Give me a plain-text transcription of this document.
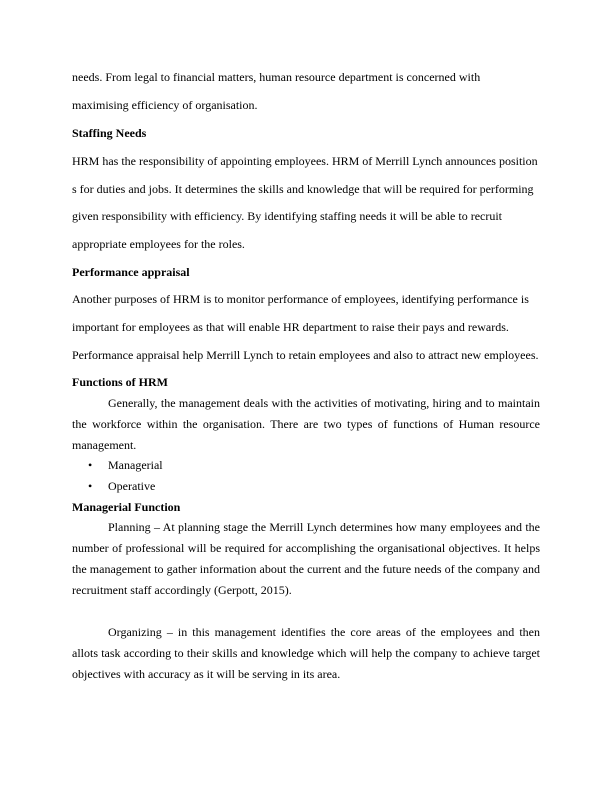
needs. From legal to financial matters, human resource department is concerned with
maximising efficiency of organisation.
Staffing Needs
HRM has the responsibility of appointing employees. HRM of Merrill Lynch announces position
s for duties and jobs. It determines the skills and knowledge that will be required for performing
given responsibility with efficiency. By identifying staffing needs it will be able to recruit
appropriate employees for the roles.
Performance appraisal
Another purposes of HRM is to monitor performance of employees, identifying performance is
important for employees as that will enable HR department to raise their pays and rewards.
Performance appraisal help Merrill Lynch to retain employees and also to attract new employees.
Functions of HRM
Generally, the management deals with the activities of motivating, hiring and to maintain the workforce within the organisation. There are two types of functions of Human resource management.
• Managerial
• Operative
Managerial Function
Planning – At planning stage the Merrill Lynch determines how many employees and the number of professional will be required for accomplishing the organisational objectives. It helps the management to gather information about the current and the future needs of the company and recruitment staff accordingly (Gerpott, 2015).
Organizing – in this management identifies the core areas of the employees and then allots task according to their skills and knowledge which will help the company to achieve target objectives with accuracy as it will be serving in its area.
